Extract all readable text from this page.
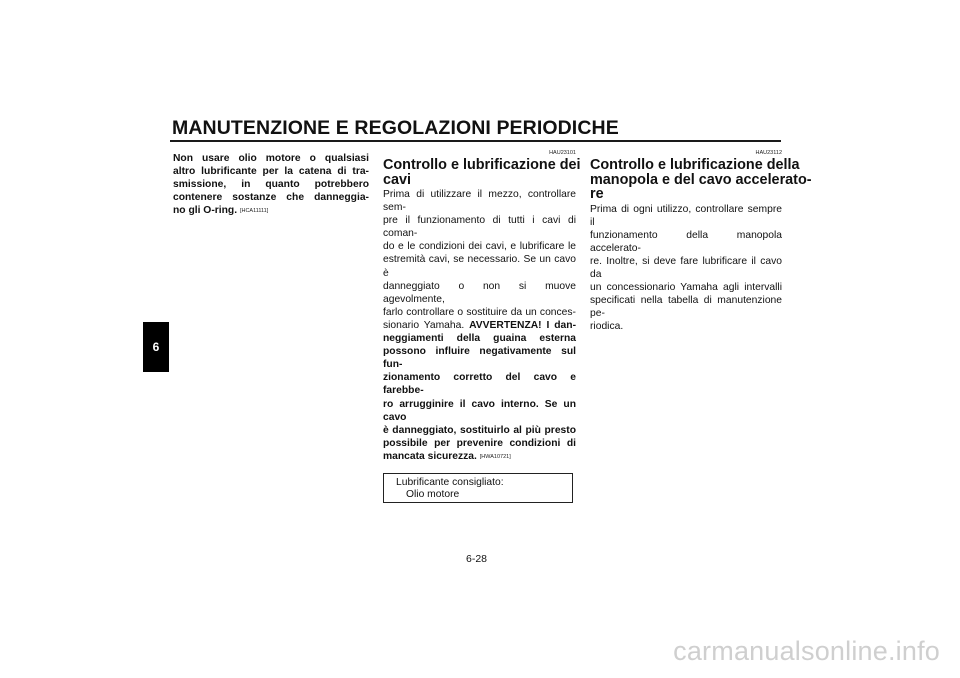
MANUTENZIONE E REGOLAZIONI PERIODICHE
6
Non usare olio motore o qualsiasi
altro lubrificante per la catena di tra-
smissione, in quanto potrebbero
contenere sostanze che danneggia-
no gli O-ring. [HCA11111]
HAU23101
Controllo e lubrificazione dei
cavi
Prima di utilizzare il mezzo, controllare sem-
pre il funzionamento di tutti i cavi di coman-
do e le condizioni dei cavi, e lubrificare le
estremità cavi, se necessario. Se un cavo è
danneggiato o non si muove agevolmente,
farlo controllare o sostituire da un conces-
sionario Yamaha. AVVERTENZA! I dan-
neggiamenti della guaina esterna
possono influire negativamente sul fun-
zionamento corretto del cavo e farebbe-
ro arrugginire il cavo interno. Se un cavo
è danneggiato, sostituirlo al più presto
possibile per prevenire condizioni di
mancata sicurezza. [HWA10721]
Lubrificante consigliato:
Olio motore
HAU23112
Controllo e lubrificazione della
manopola e del cavo accelerato-
re
Prima di ogni utilizzo, controllare sempre il
funzionamento della manopola accelerato-
re. Inoltre, si deve fare lubrificare il cavo da
un concessionario Yamaha agli intervalli
specificati nella tabella di manutenzione pe-
riodica.
6-28
carmanualsonline.info
